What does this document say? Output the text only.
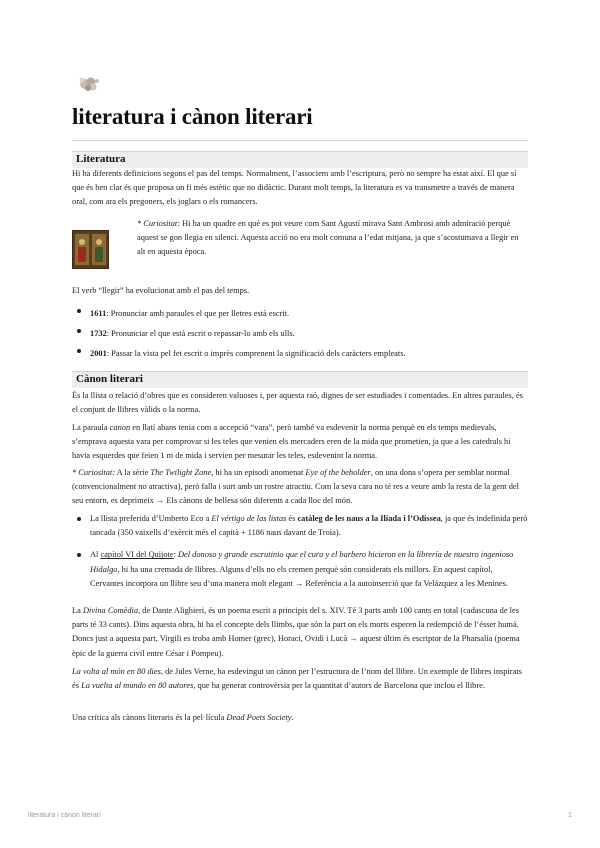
literatura i cànon literari
Literatura

Hi ha diferents definicions segons el pas del temps. Normalment, l’associem amb l’escriptura, però no sempre ha estat així. El que sí que és ben clar és que proposa un fi més estètic que no didàctic. Durant molt temps, la literatura es va transmetre a través de manera oral, com ara els pregoners, els joglars o els romancers.

* Curiositat: Hi ha un quadre en què es pot veure com Sant Agustí mirava Sant Ambrosi amb admiració perquè aquest se gon llegia en silenci. Aquesta acció no era molt comuna a l’edat mitjana, ja que s’acostumava a llegir en alt en aquesta època.
El verb “llegir” ha evolucionat amb el pas del temps.
1611: Pronunciar amb paraules el que per lletres està escrit.
1732: Pronunciar el que està escrit o repassar-lo amb els ulls.
2001: Passar la vista pel fet escrit o imprès comprenent la significació dels caràcters empleats.
Cànon literari
És la llista o relació d’obres que es consideren valuoses i, per aquesta raó, dignes de ser estudiades i comentades. En altres paraules, és el conjunt de llibres vàlids o la norma.
La paraula canon en llatí abans tenia com a accepció “vara”, però també va esdevenir la norma perquè en els temps medievals, s’emprava aquesta vara per comprovar si les teles que venien els mercaders eren de la mida que prometien, ja que a les catedrals hi havia esquerdes que feien 1 m de mida i servien per mesurar les teles, esdevenint la norma.
* Curiositat: A la sèrie The Twilight Zone, hi ha un episodi anomenat Eye of the beholder, on una dona s’opera per semblar normal (convencionalment no atractiva), però falla i surt amb un rostre atractiu. Com la seva cara no té res a veure amb la resta de la gent del seu entorn, es deprimeix → Els cànons de bellesa són diferents a cada lloc del món.
La llista preferida d’Umberto Eco a El vértigo de las listas és catàleg de les naus a la Ilíada i l’Odissea, ja que és indefinida però tancada (350 vaixells d’exèrcit més el capità + 1186 naus davant de Troia).
Al capítol VI del Quijote: Del donoso y grande escrutinio que el cura y el barbero hicieron en la librería de nuestro ingenioso Hidalgo, hi ha una cremada de llibres. Alguns d’ells no els cremen perquè són considerats els millors. En aquest capítol, Cervantes incorpora un llibre seu d’una manera molt elegant → Referència a la autoinserció que fa Velázquez a les Menines.
La Divina Comèdia, de Dante Alighieri, és un poema escrit a principis del s. XIV. Té 3 parts amb 100 cants en total (cadascuna de les parts té 33 cants). Dins aquesta obra, hi ha el concepte dels llimbs, que són la part on els morts esperen la redempció de l’ésser humà. Doncs just a aquesta part, Virgili es troba amb Homer (grec), Horaci, Ovidi i Lucà → aquest últim és escriptor de la Pharsalia (poema èpic de la guerra civil entre César i Pompeu).
La volta al món en 80 dies, de Jules Verne, ha esdevingut un cànon per l’estructura de l’nom del llibre. Un exemple de llibres inspirats és La vuelta al mundo en 80 autores, que ha generat controvèrsia per la quantitat d’autors de Barcelona que inclou el llibre.
Una crítica als cànons literaris és la pel·lícula Dead Poets Society.
literatura i cànon literari	1
